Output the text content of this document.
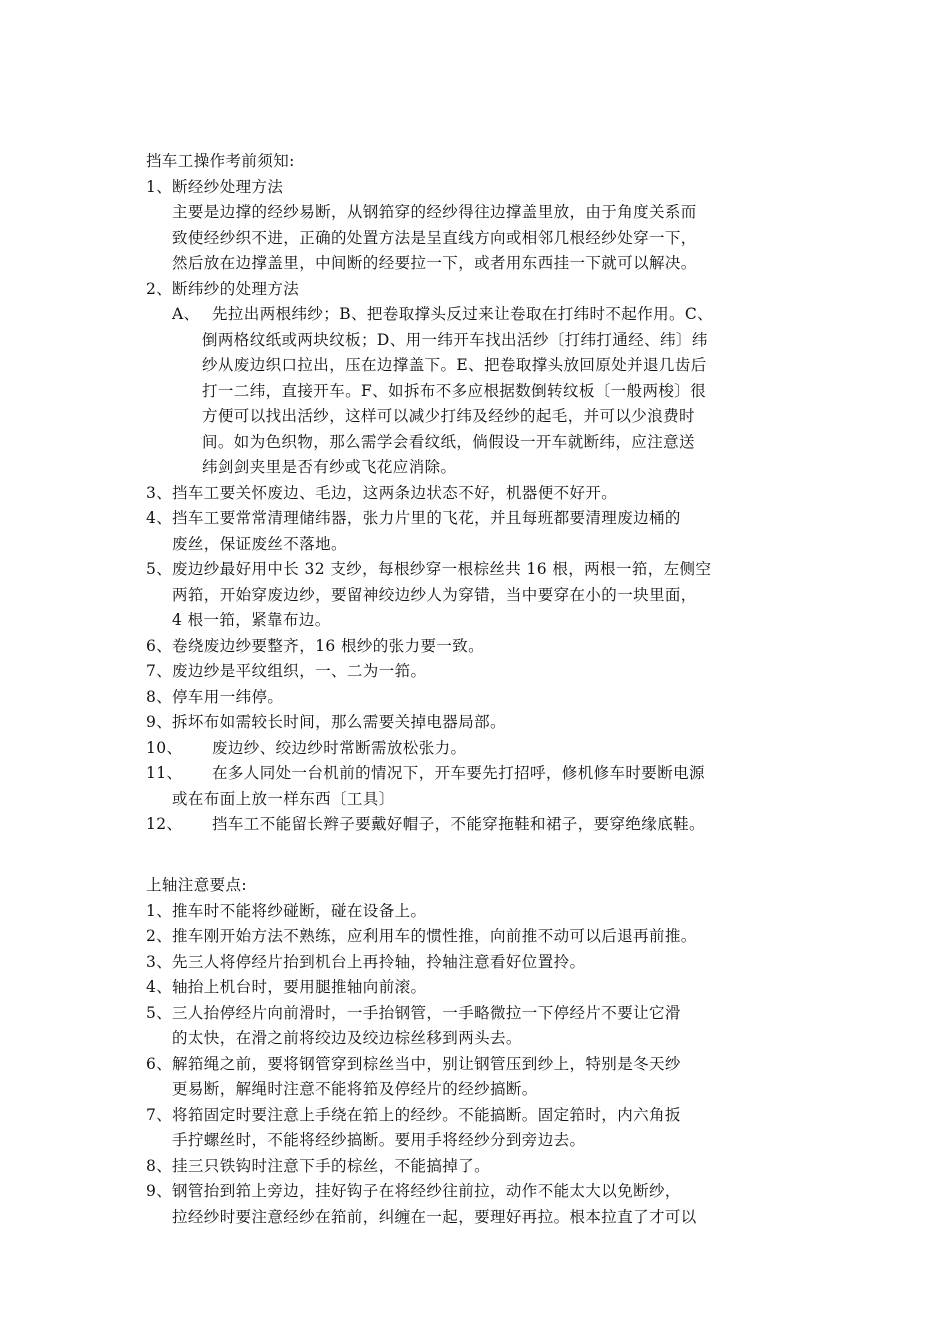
挡车工操作考前须知:
1、 断经纱处理方法
主要是边撑的经纱易断，从钢筘穿的经纱得往边撑盖里放，由于角度关系而
致使经纱织不进，正确的处置方法是呈直线方向或相邻几根经纱处穿一下，
然后放在边撑盖里，中间断的经要拉一下，或者用东西挂一下就可以解决。
2、 断纬纱的处理方法
A、 先拉出两根纬纱；B、把卷取撑头反过来让卷取在打纬时不起作用。C、
倒两格纹纸或两块纹板；D、用一纬开车找出活纱〔打纬打通经、纬〕纬
纱从废边织口拉出，压在边撑盖下。E、把卷取撑头放回原处并退几齿后
打一二纬，直接开车。F、如拆布不多应根据数倒转纹板〔一般两梭〕很
方便可以找出活纱，这样可以减少打纬及经纱的起毛，并可以少浪费时
间。如为色织物，那么需学会看纹纸，倘假设一开车就断纬，应注意送
纬剑剑夹里是否有纱或飞花应消除。
3、 挡车工要关怀废边、毛边，这两条边状态不好，机器便不好开。
4、 挡车工要常常清理储纬器，张力片里的飞花，并且每班都要清理废边桶的
废丝，保证废丝不落地。
5、 废边纱最好用中长 32 支纱，每根纱穿一根棕丝共 16 根，两根一筘，左侧空
两筘，开始穿废边纱，要留神绞边纱人为穿错，当中要穿在小的一块里面，
4 根一筘，紧靠布边。
6、 卷绕废边纱要整齐，16 根纱的张力要一致。
7、 废边纱是平纹组织，一、二为一筘。
8、 停车用一纬停。
9、 拆坏布如需较长时间，那么需要关掉电器局部。
10、 废边纱、绞边纱时常断需放松张力。
11、 在多人同处一台机前的情况下，开车要先打招呼，修机修车时要断电源
或在布面上放一样东西〔工具〕
12、 挡车工不能留长辫子要戴好帽子，不能穿拖鞋和裙子，要穿绝缘底鞋。
上轴注意要点:
1、 推车时不能将纱碰断，碰在设备上。
2、 推车刚开始方法不熟练，应利用车的惯性推，向前推不动可以后退再前推。
3、 先三人将停经片抬到机台上再拎轴，拎轴注意看好位置拎。
4、 轴抬上机台时，要用腿推轴向前滚。
5、 三人抬停经片向前滑时，一手抬钢管，一手略微拉一下停经片不要让它滑
的太快，在滑之前将绞边及绞边棕丝移到两头去。
6、 解筘绳之前，要将钢管穿到棕丝当中，别让钢管压到纱上，特别是冬天纱
更易断，解绳时注意不能将筘及停经片的经纱搞断。
7、 将筘固定时要注意上手绕在筘上的经纱。不能搞断。固定筘时，内六角扳
手拧螺丝时，不能将经纱搞断。要用手将经纱分到旁边去。
8、 挂三只铁钩时注意下手的棕丝，不能搞掉了。
9、 钢管抬到筘上旁边，挂好钩子在将经纱往前拉，动作不能太大以免断纱，
拉经纱时要注意经纱在筘前，纠缠在一起，要理好再拉。根本拉直了才可以
